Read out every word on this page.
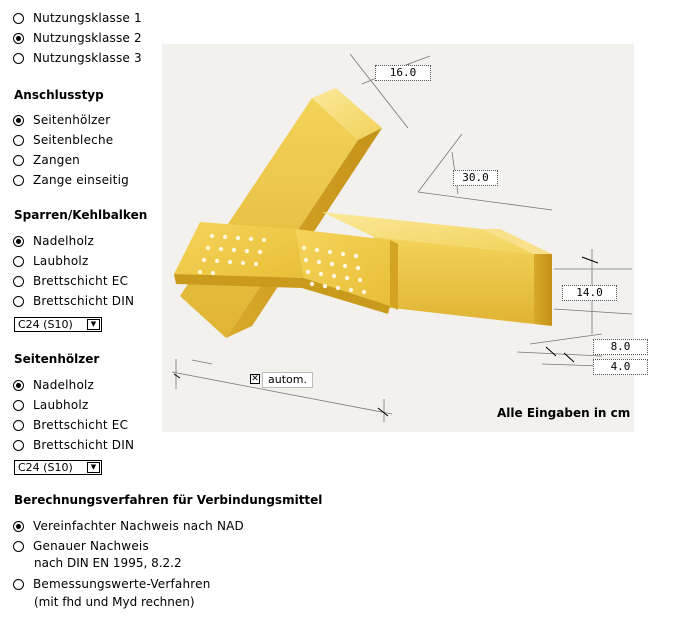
Nutzungsklasse 1
Nutzungsklasse 2
Nutzungsklasse 3
Anschlusstyp
Seitenhölzer
Seitenbleche
Zangen
Zange einseitig
Sparren/Kehlbalken
Nadelholz
Laubholz
Brettschicht EC
Brettschicht DIN
C24 (S10)	▼
Seitenhölzer
Nadelholz
Laubholz
Brettschicht EC
Brettschicht DIN
C24 (S10)	▼
Berechnungsverfahren für Verbindungsmittel
Vereinfachter Nachweis nach NAD
Genauer Nachweis
nach DIN EN 1995, 8.2.2
Bemessungswerte-Verfahren
(mit fhd und Myd rechnen)
16.0
30.0
14.0
8.0
4.0
✕ autom.
Alle Eingaben in cm
